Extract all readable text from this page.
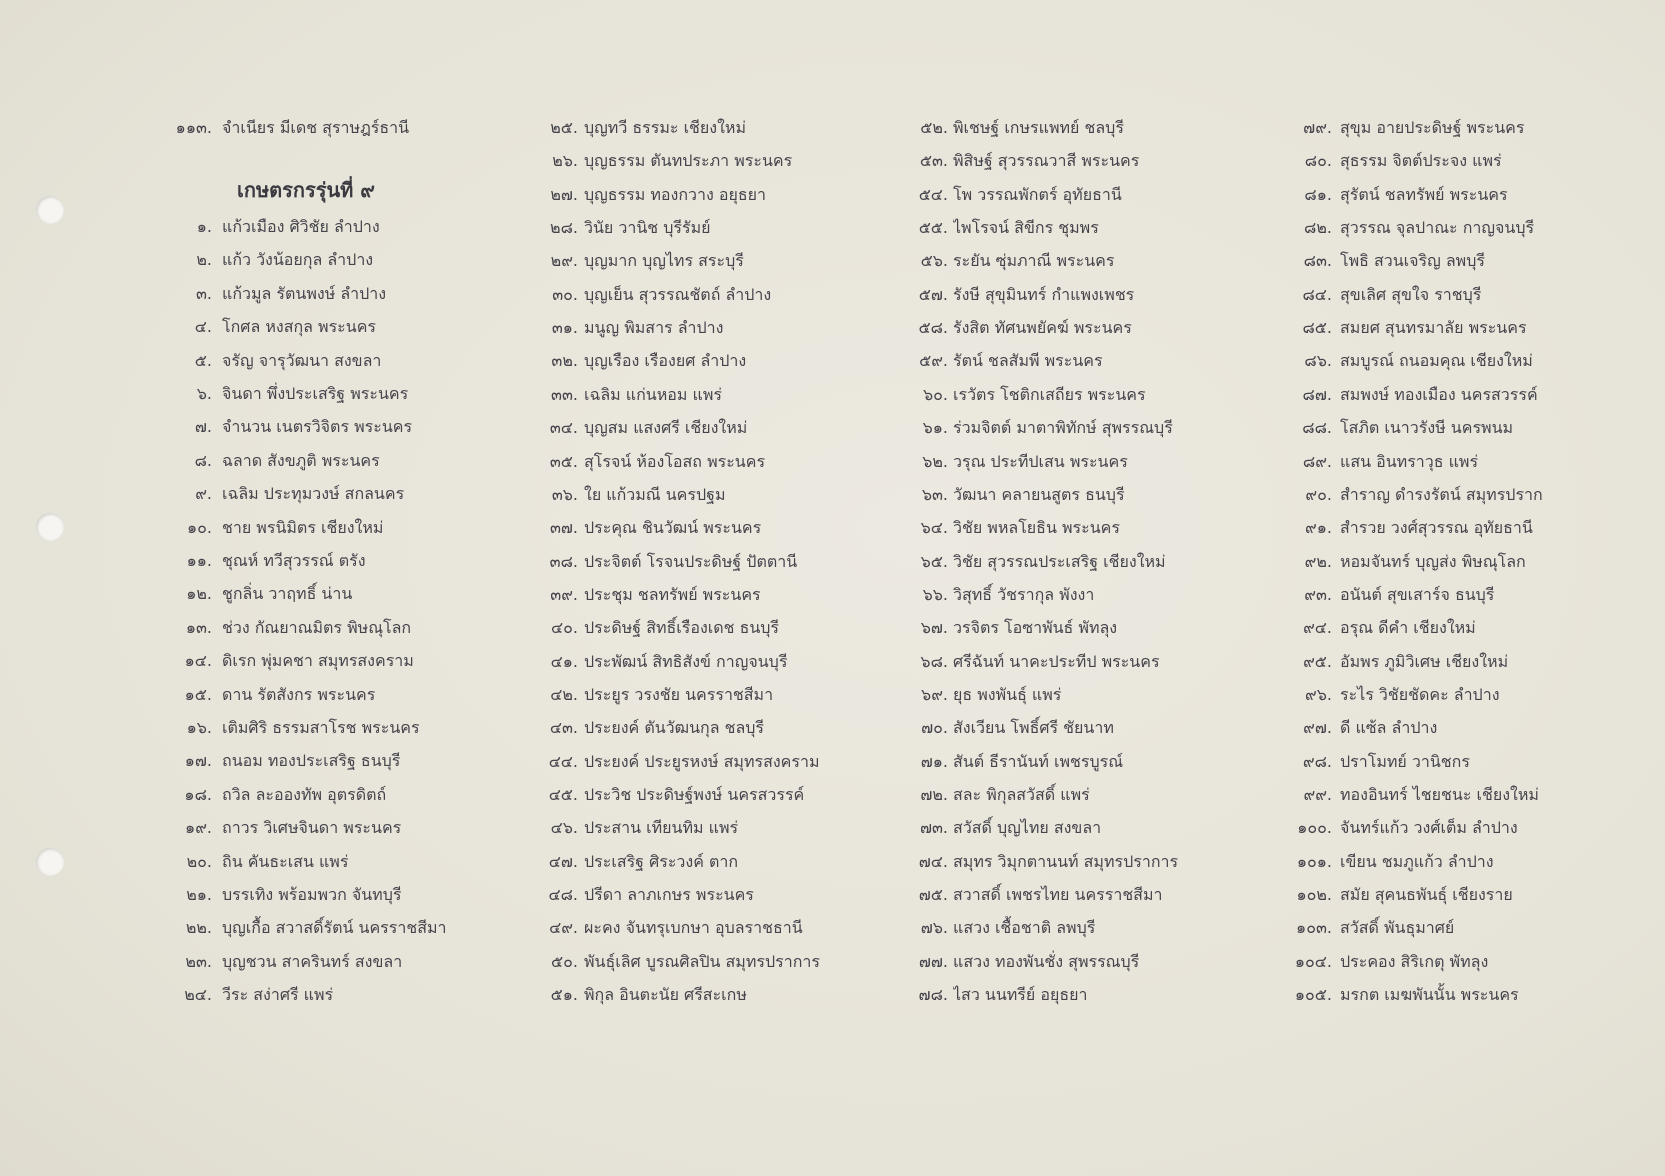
เกษตรกรรุ่นที่ ๙
๑๑๓. จำเนียร มีเดช สุราษฎร์ธานี
๑. แก้วเมือง ศิวิชัย ลำปาง
๒. แก้ว วังน้อยกุล ลำปาง
๓. แก้วมูล รัตนพงษ์ ลำปาง
๔. โกศล หงสกุล พระนคร
๕. จรัญ จารุวัฒนา สงขลา
๖. จินดา พึ่งประเสริฐ พระนคร
๗. จำนวน เนตรวิจิตร พระนคร
๘. ฉลาด สังขภูติ พระนคร
๙. เฉลิม ประทุมวงษ์ สกลนคร
๑๐. ชาย พรนิมิตร เชียงใหม่
๑๑. ชุณห์ ทวีสุวรรณ์ ตรัง
๑๒. ชูกลิ่น วาฤทธิ์ น่าน
๑๓. ช่วง กัณยาณมิตร พิษณุโลก
๑๔. ดิเรก พุ่มคชา สมุทรสงคราม
๑๕. ดาน รัตสังกร พระนคร
๑๖. เติมศิริ ธรรมสาโรช พระนคร
๑๗. ถนอม ทองประเสริฐ ธนบุรี
๑๘. ถวิล ละอองทัพ อุตรดิตถ์
๑๙. ถาวร วิเศษจินดา พระนคร
๒๐. ถิน คันธะเสน แพร่
๒๑. บรรเทิง พร้อมพวก จันทบุรี
๒๒. บุญเกื้อ สวาสดิ์รัตน์ นครราชสีมา
๒๓. บุญชวน สาครินทร์ สงขลา
๒๔. วีระ สง่าศรี แพร่
๒๕. บุญทวี ธรรมะ เชียงใหม่
๒๖. บุญธรรม ตันทประภา พระนคร
๒๗. บุญธรรม ทองกวาง อยุธยา
๒๘. วินัย วานิช บุรีรัมย์
๒๙. บุญมาก บุญไทร สระบุรี
๓๐. บุญเย็น สุวรรณชัตถ์ ลำปาง
๓๑. มนูญ พิมสาร ลำปาง
๓๒. บุญเรือง เรืองยศ ลำปาง
๓๓. เฉลิม แก่นหอม แพร่
๓๔. บุญสม แสงศรี เชียงใหม่
๓๕. สุโรจน์ ห้องโอสถ พระนคร
๓๖. ใย แก้วมณี นครปฐม
๓๗. ประคุณ ชินวัฒน์ พระนคร
๓๘. ประจิตต์ โรจนประดิษฐ์ ปัตตานี
๓๙. ประชุม ชลทรัพย์ พระนคร
๔๐. ประดิษฐ์ สิทธิ์เรืองเดช ธนบุรี
๔๑. ประพัฒน์ สิทธิสังข์ กาญจนบุรี
๔๒. ประยูร วรงชัย นครราชสีมา
๔๓. ประยงค์ ตันวัฒนกุล ชลบุรี
๔๔. ประยงค์ ประยูรหงษ์ สมุทรสงคราม
๔๕. ประวิช ประดิษฐ์พงษ์ นครสวรรค์
๔๖. ประสาน เทียนทิม แพร่
๔๗. ประเสริฐ ศิระวงค์ ตาก
๔๘. ปรีดา ลาภเกษร พระนคร
๔๙. ผะคง จันทรุเบกษา อุบลราชธานี
๕๐. พันธุ์เลิศ บูรณศิลปิน สมุทรปราการ
๕๑. พิกุล อินตะนัย ศรีสะเกษ
๕๒. พิเชษฐ์ เกษรแพทย์ ชลบุรี
๕๓. พิสิษฐ์ สุวรรณวาสี พระนคร
๕๔. โพ วรรณพักตร์ อุทัยธานี
๕๕. ไพโรจน์ สิขีกร ชุมพร
๕๖. ระยัน ซุ่มภาณี พระนคร
๕๗. รังษี สุขุมินทร์ กำแพงเพชร
๕๘. รังสิต ทัศนพยัคฆ์ พระนคร
๕๙. รัตน์ ชลสัมพี พระนคร
๖๐. เรวัตร โชติกเสถียร พระนคร
๖๑. ร่วมจิตต์ มาตาพิทักษ์ สุพรรณบุรี
๖๒. วรุณ ประทีปเสน พระนคร
๖๓. วัฒนา คลายนสูตร ธนบุรี
๖๔. วิชัย พหลโยธิน พระนคร
๖๕. วิชัย สุวรรณประเสริฐ เชียงใหม่
๖๖. วิสุทธิ์ วัชรากุล พังงา
๖๗. วรจิตร โอซาพันธ์ พัทลุง
๖๘. ศรีฉันท์ นาคะประทีป พระนคร
๖๙. ยุธ พงพันธุ์ แพร่
๗๐. สังเวียน โพธิ์ศรี ชัยนาท
๗๑. สันต์ ธีรานันท์ เพชรบูรณ์
๗๒. สละ พิกุลสวัสดิ์ แพร่
๗๓. สวัสดิ์ บุญไทย สงขลา
๗๔. สมุทร วิมุกตานนท์ สมุทรปราการ
๗๕. สวาสดิ์ เพชรไทย นครราชสีมา
๗๖. แสวง เชื้อชาติ ลพบุรี
๗๗. แสวง ทองพันชั่ง สุพรรณบุรี
๗๘. ไสว นนทรีย์ อยุธยา
๗๙. สุขุม อายประดิษฐ์ พระนคร
๘๐. สุธรรม จิตต์ประจง แพร่
๘๑. สุรัตน์ ชลทรัพย์ พระนคร
๘๒. สุวรรณ จุลปาณะ กาญจนบุรี
๘๓. โพธิ สวนเจริญ ลพบุรี
๘๔. สุขเลิศ สุขใจ ราชบุรี
๘๕. สมยศ สุนทรมาลัย พระนคร
๘๖. สมบูรณ์ ถนอมคุณ เชียงใหม่
๘๗. สมพงษ์ ทองเมือง นครสวรรค์
๘๘. โสภิต เนาวรังษี นครพนม
๘๙. แสน อินทราวุธ แพร่
๙๐. สำราญ ดำรงรัตน์ สมุทรปราก
๙๑. สำรวย วงศ์สุวรรณ อุทัยธานี
๙๒. หอมจันทร์ บุญส่ง พิษณุโลก
๙๓. อนันต์ สุขเสาร์จ ธนบุรี
๙๔. อรุณ ดีคำ เชียงใหม่
๙๕. อัมพร ภูมิวิเศษ เชียงใหม่
๙๖. ระไร วิชัยชัดคะ ลำปาง
๙๗. ดี แซ้ล ลำปาง
๙๘. ปราโมทย์ วานิชกร
๙๙. ทองอินทร์ ไชยชนะ เชียงใหม่
๑๐๐. จันทร์แก้ว วงศ์เต็ม ลำปาง
๑๐๑. เขียน ชมภูแก้ว ลำปาง
๑๐๒. สมัย สุคนธพันธุ์ เชียงราย
๑๐๓. สวัสดิ์ พันธุมาศย์
๑๐๔. ประคอง สิริเกตุ พัทลุง
๑๐๕. มรกต เมฆพันนั้น พระนคร
